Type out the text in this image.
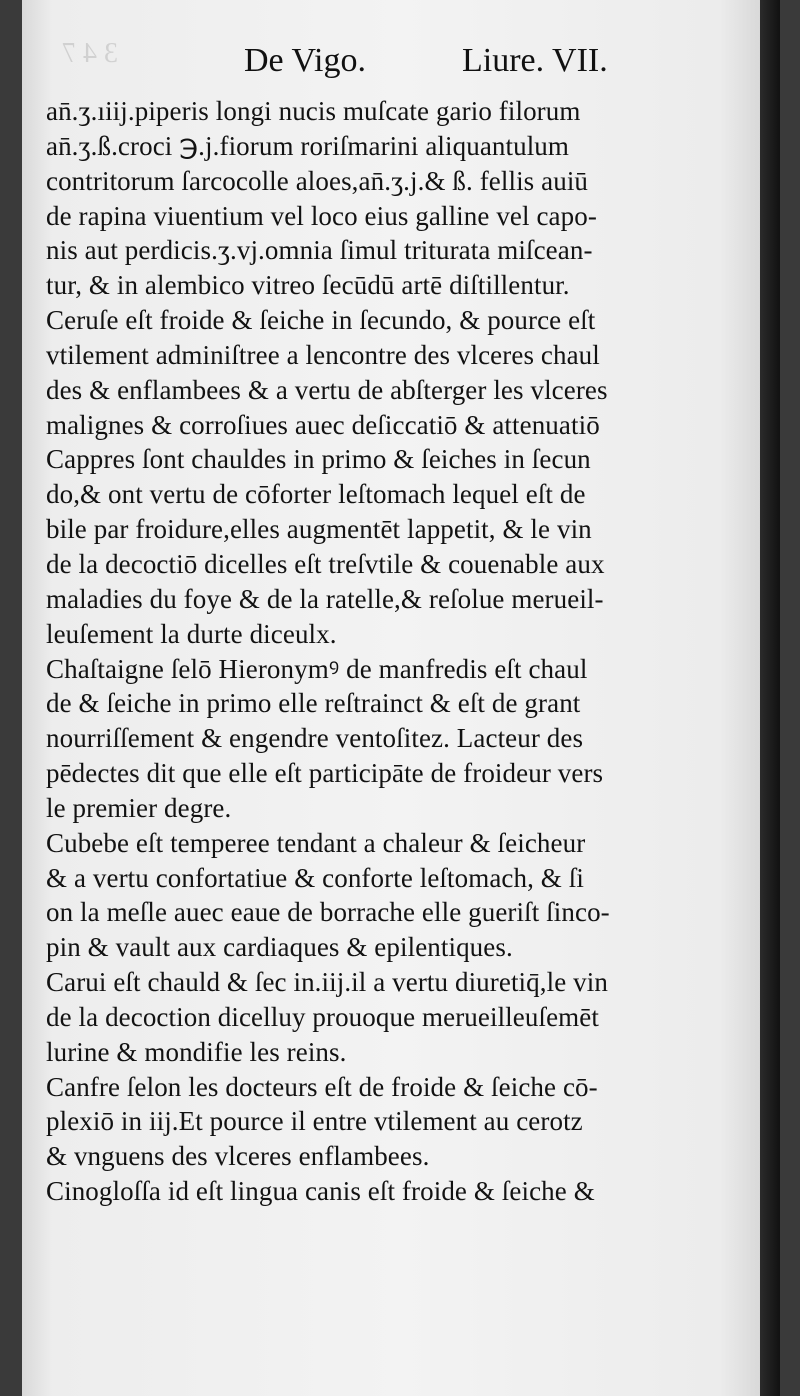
3 4 7	De Vigo.	Liure. VII.
an̄.ʒ.ıiij.piperis longi nucis muſcate gario filorum
an̄.ʒ.ß.croci ℈.j.fiorum roriſmarini aliquantulum
contritorum ſarcocolle aloes,an̄.ʒ.j.& ß. fellis auiū
de rapina viuentium vel loco eius galline vel capo-
nis aut perdicis.ʒ.vj.omnia ſimul triturata miſcean-
tur, & in alembico vitreo ſecūdū artē diſtillentur.
Ceruſe eſt froide & ſeiche in ſecundo, & pource eſt
vtilement adminiſtree a lencontre des vlceres chaul
des & enflambees & a vertu de abſterger les vlceres
malignes & corroſiues auec deſiccatiō & attenuatiō
Cappres ſont chauldes in primo & ſeiches in ſecun
do,& ont vertu de cōforter leſtomach lequel eſt de
bile par froidure,elles augmentēt lappetit, & le vin
de la decoctiō dicelles eſt treſvtile & couenable aux
maladies du foye & de la ratelle,& reſolue merueil-
leuſement la durte diceulx.
Chaſtaigne ſelō Hieronymꝰ de manfredis eſt chaul
de & ſeiche in primo elle reſtrainct & eſt de grant
nourriſſement & engendre ventoſitez. Lacteur des
pēdectes dit que elle eſt participāte de froideur vers
le premier degre.
Cubebe eſt temperee tendant a chaleur & ſeicheur
& a vertu confortatiue & conforte leſtomach, & ſi
on la meſle auec eaue de borrache elle gueriſt ſinco-
pin & vault aux cardiaques & epilentiques.
Carui eſt chauld & ſec in.iij.il a vertu diuretiq̄,le vin
de la decoction dicelluy prouoque merueilleuſemēt
lurine & mondifie les reins.
Canfre ſelon les docteurs eſt de froide & ſeiche cō-
plexiō in iij.Et pource il entre vtilement au cerotz
& vnguens des vlceres enflambees.
Cinogloſſa id eſt lingua canis eſt froide & ſeiche &
